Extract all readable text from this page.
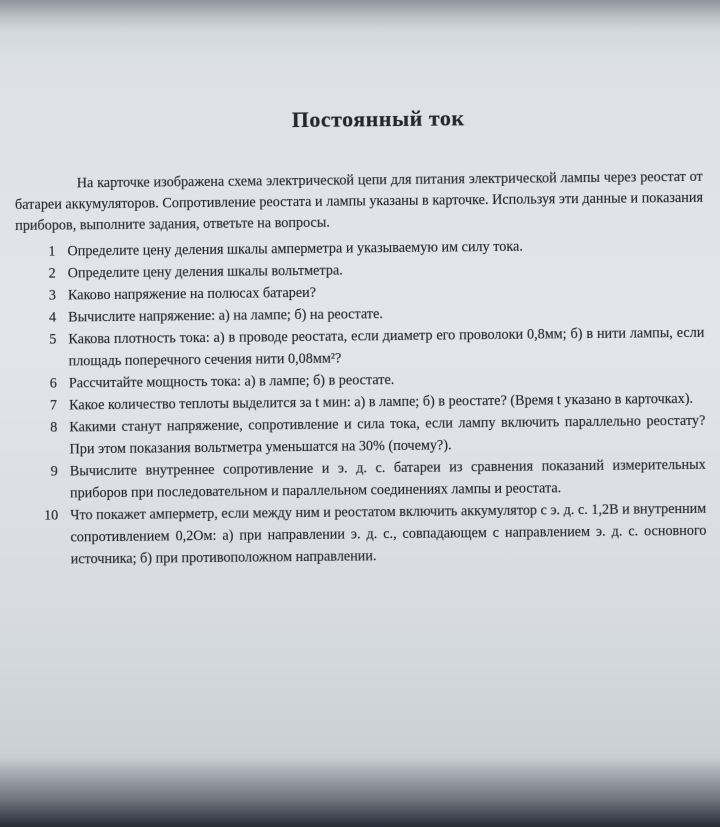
Постоянный ток

На карточке изображена схема электрической цепи для питания электрической лампы через реостат от батареи аккумуляторов. Сопротивление реостата и лампы указаны в карточке. Используя эти данные и показания приборов, выполните задания, ответьте на вопросы.

1 Определите цену деления шкалы амперметра и указываемую им силу тока.
2 Определите цену деления шкалы вольтметра.
3 Каково напряжение на полюсах батареи?
4 Вычислите напряжение: а) на лампе; б) на реостате.
5 Какова плотность тока: а) в проводе реостата, если диаметр его проволоки 0,8мм; б) в нити лампы, если площадь поперечного сечения нити 0,08мм²?
6 Рассчитайте мощность тока: а) в лампе; б) в реостате.
7 Какое количество теплоты выделится за t мин: а) в лампе; б) в реостате? (Время t указано в карточках).
8 Какими станут напряжение, сопротивление и сила тока, если лампу включить параллельно реостату? При этом показания вольтметра уменьшатся на 30% (почему?).
9 Вычислите внутреннее сопротивление и э. д. с. батареи из сравнения показаний измерительных приборов при последовательном и параллельном соединениях лампы и реостата.
10 Что покажет амперметр, если между ним и реостатом включить аккумулятор с э. д. с. 1,2В и внутренним сопротивлением 0,2Ом: а) при направлении э. д. с., совпадающем с направлением э. д. с. основного источника; б) при противоположном направлении.
